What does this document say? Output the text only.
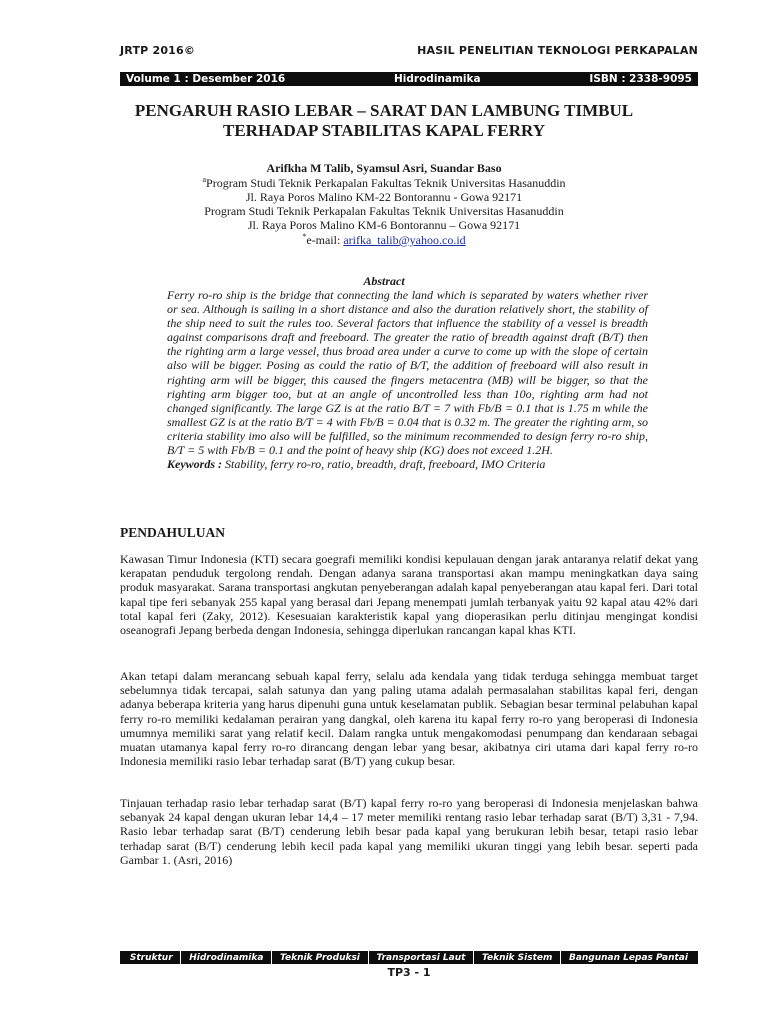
JRTP 2016©	HASIL PENELITIAN TEKNOLOGI PERKAPALAN
Volume 1 : Desember 2016	Hidrodinamika	ISBN : 2338-9095
PENGARUH RASIO LEBAR – SARAT DAN LAMBUNG TIMBUL TERHADAP STABILITAS KAPAL FERRY
Arifkha M Talib, Syamsul Asri, Suandar Baso
$^a$Program Studi Teknik Perkapalan Fakultas Teknik Universitas Hasanuddin
Jl. Raya Poros Malino KM-22 Bontorannu - Gowa 92171
Program Studi Teknik Perkapalan Fakultas Teknik Universitas Hasanuddin
Jl. Raya Poros Malino KM-6 Bontorannu – Gowa 92171
*e-mail: arifka_talib@yahoo.co.id
Abstract

Ferry ro-ro ship is the bridge that connecting the land which is separated by waters whether river or sea. Although is sailing in a short distance and also the duration relatively short, the stability of the ship need to suit the rules too. Several factors that influence the stability of a vessel is breadth against comparisons draft and freeboard. The greater the ratio of breadth against draft (B/T) then the righting arm a large vessel, thus broad area under a curve to come up with the slope of certain also will be bigger. Posing as could the ratio of B/T, the addition of freeboard will also result in righting arm will be bigger, this caused the fingers metacentra (MB) will be bigger, so that the righting arm bigger too, but at an angle of uncontrolled less than 10o, righting arm had not changed significantly. The large GZ is at the ratio B/T = 7 with Fb/B = 0.1 that is 1.75 m while the smallest GZ is at the ratio B/T = 4 with Fb/B = 0.04 that is 0.32 m. The greater the righting arm, so criteria stability imo also will be fulfilled, so the minimum recommended to design ferry ro-ro ship, B/T = 5 with Fb/B = 0.1 and the point of heavy ship (KG) does not exceed 1.2H.
Keywords : Stability, ferry ro-ro, ratio, breadth, draft, freeboard, IMO Criteria

PENDAHULUAN

Kawasan Timur Indonesia (KTI) secara goegrafi memiliki kondisi kepulauan dengan jarak antaranya relatif dekat yang kerapatan penduduk tergolong rendah. Dengan adanya sarana transportasi akan mampu meningkatkan daya saing produk masyarakat. Sarana transportasi angkutan penyeberangan adalah kapal penyeberangan atau kapal feri. Dari total kapal tipe feri sebanyak 255 kapal yang berasal dari Jepang menempati jumlah terbanyak yaitu 92 kapal atau 42% dari total kapal feri (Zaky, 2012). Kesesuaian karakteristik kapal yang dioperasikan perlu ditinjau mengingat kondisi oseanografi Jepang berbeda dengan Indonesia, sehingga diperlukan rancangan kapal khas KTI.

Akan tetapi dalam merancang sebuah kapal ferry, selalu ada kendala yang tidak terduga sehingga membuat target sebelumnya tidak tercapai, salah satunya dan yang paling utama adalah permasalahan stabilitas kapal feri, dengan adanya beberapa kriteria yang harus dipenuhi guna untuk keselamatan publik. Sebagian besar terminal pelabuhan kapal ferry ro-ro memiliki kedalaman perairan yang dangkal, oleh karena itu kapal ferry ro-ro yang beroperasi di Indonesia umumnya memiliki sarat yang relatif kecil. Dalam rangka untuk mengakomodasi penumpang dan kendaraan sebagai muatan utamanya kapal ferry ro-ro dirancang dengan lebar yang besar, akibatnya ciri utama dari kapal ferry ro-ro Indonesia memiliki rasio lebar terhadap sarat (B/T) yang cukup besar.

Tinjauan terhadap rasio lebar terhadap sarat (B/T) kapal ferry ro-ro yang beroperasi di Indonesia menjelaskan bahwa sebanyak 24 kapal dengan ukuran lebar 14,4 – 17 meter memiliki rentang rasio lebar terhadap sarat (B/T) 3,31 - 7,94. Rasio lebar terhadap sarat (B/T) cenderung lebih besar pada kapal yang berukuran lebih besar, tetapi rasio lebar terhadap sarat (B/T) cenderung lebih kecil pada kapal yang memiliki ukuran tinggi yang lebih besar. seperti pada Gambar 1. (Asri, 2016)

Struktur	Hidrodinamika	Teknik Produksi	Transportasi Laut	Teknik Sistem	Bangunan Lepas Pantai
TP3 - 1
